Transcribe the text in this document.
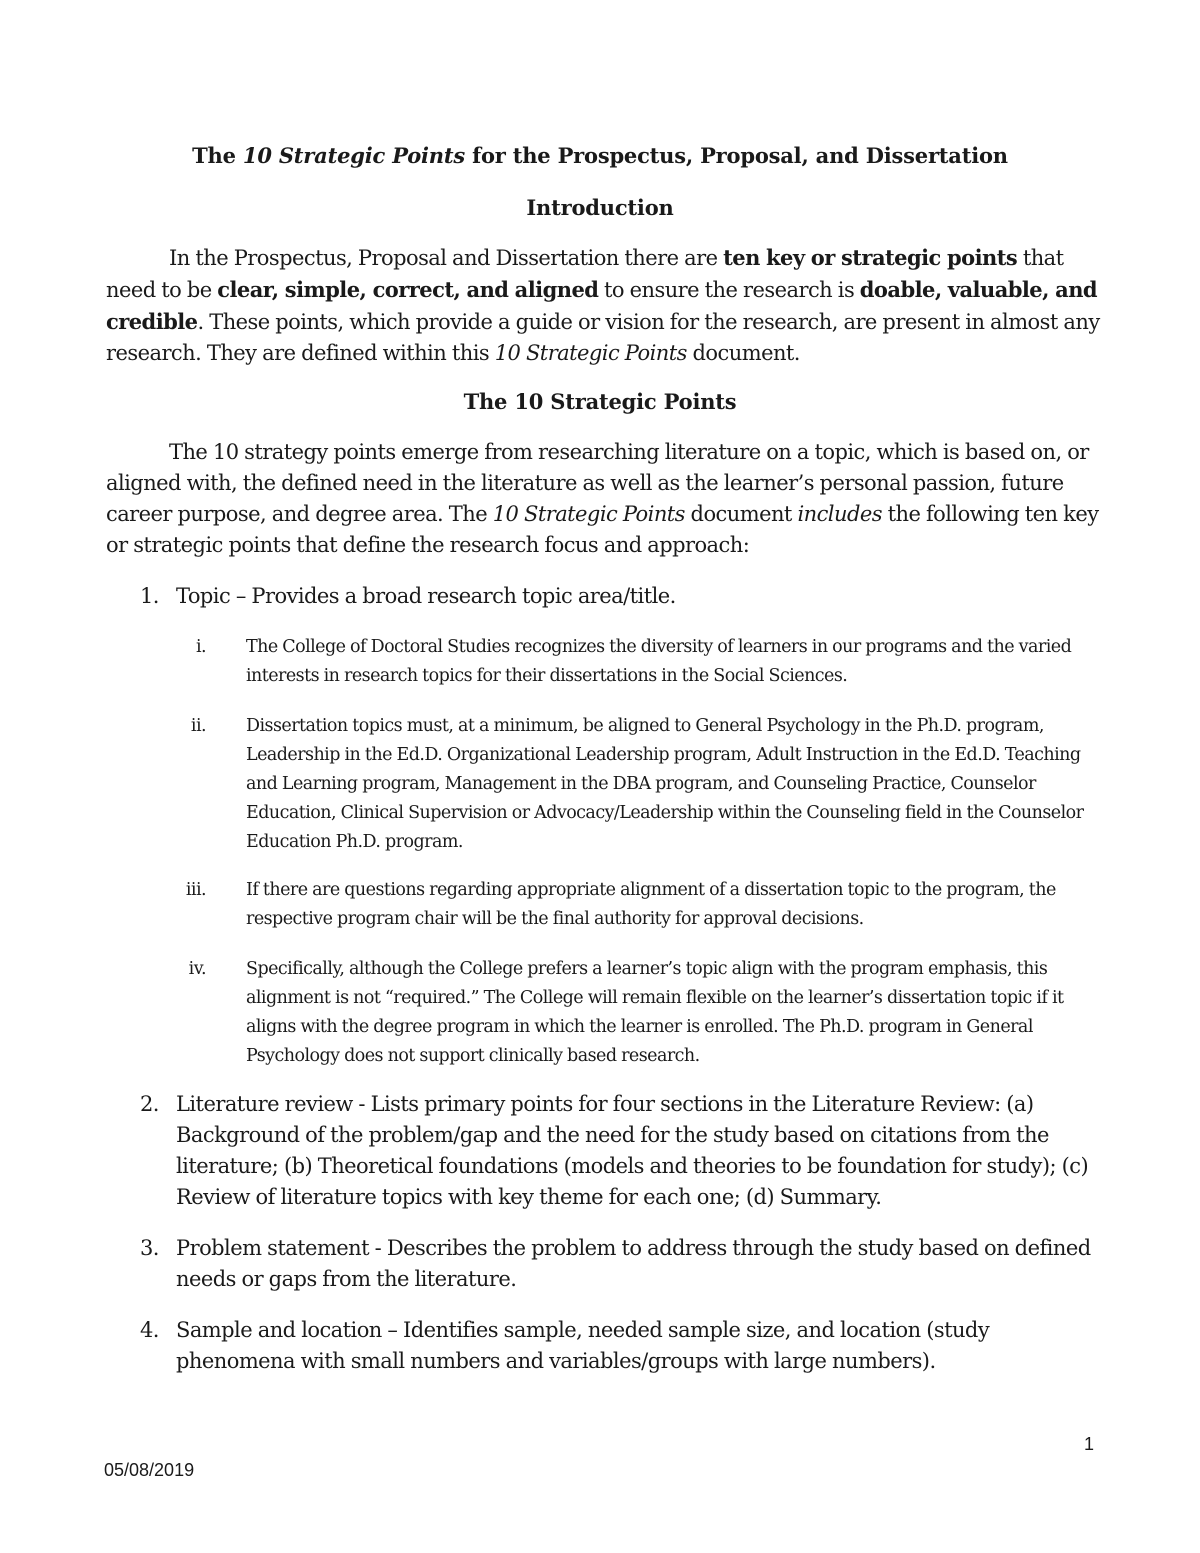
The 10 Strategic Points for the Prospectus, Proposal, and Dissertation
Introduction
In the Prospectus, Proposal and Dissertation there are ten key or strategic points that need to be clear, simple, correct, and aligned to ensure the research is doable, valuable, and credible. These points, which provide a guide or vision for the research, are present in almost any research. They are defined within this 10 Strategic Points document.
The 10 Strategic Points
The 10 strategy points emerge from researching literature on a topic, which is based on, or aligned with, the defined need in the literature as well as the learner’s personal passion, future career purpose, and degree area. The 10 Strategic Points document includes the following ten key or strategic points that define the research focus and approach:
1. Topic – Provides a broad research topic area/title.
i. The College of Doctoral Studies recognizes the diversity of learners in our programs and the varied interests in research topics for their dissertations in the Social Sciences.
ii. Dissertation topics must, at a minimum, be aligned to General Psychology in the Ph.D. program, Leadership in the Ed.D. Organizational Leadership program, Adult Instruction in the Ed.D. Teaching and Learning program, Management in the DBA program, and Counseling Practice, Counselor Education, Clinical Supervision or Advocacy/Leadership within the Counseling field in the Counselor Education Ph.D. program.
iii. If there are questions regarding appropriate alignment of a dissertation topic to the program, the respective program chair will be the final authority for approval decisions.
iv. Specifically, although the College prefers a learner’s topic align with the program emphasis, this alignment is not “required.” The College will remain flexible on the learner’s dissertation topic if it aligns with the degree program in which the learner is enrolled. The Ph.D. program in General Psychology does not support clinically based research.
2. Literature review - Lists primary points for four sections in the Literature Review: (a) Background of the problem/gap and the need for the study based on citations from the literature; (b) Theoretical foundations (models and theories to be foundation for study); (c) Review of literature topics with key theme for each one; (d) Summary.
3. Problem statement - Describes the problem to address through the study based on defined needs or gaps from the literature.
4. Sample and location – Identifies sample, needed sample size, and location (study phenomena with small numbers and variables/groups with large numbers).
1
05/08/2019
